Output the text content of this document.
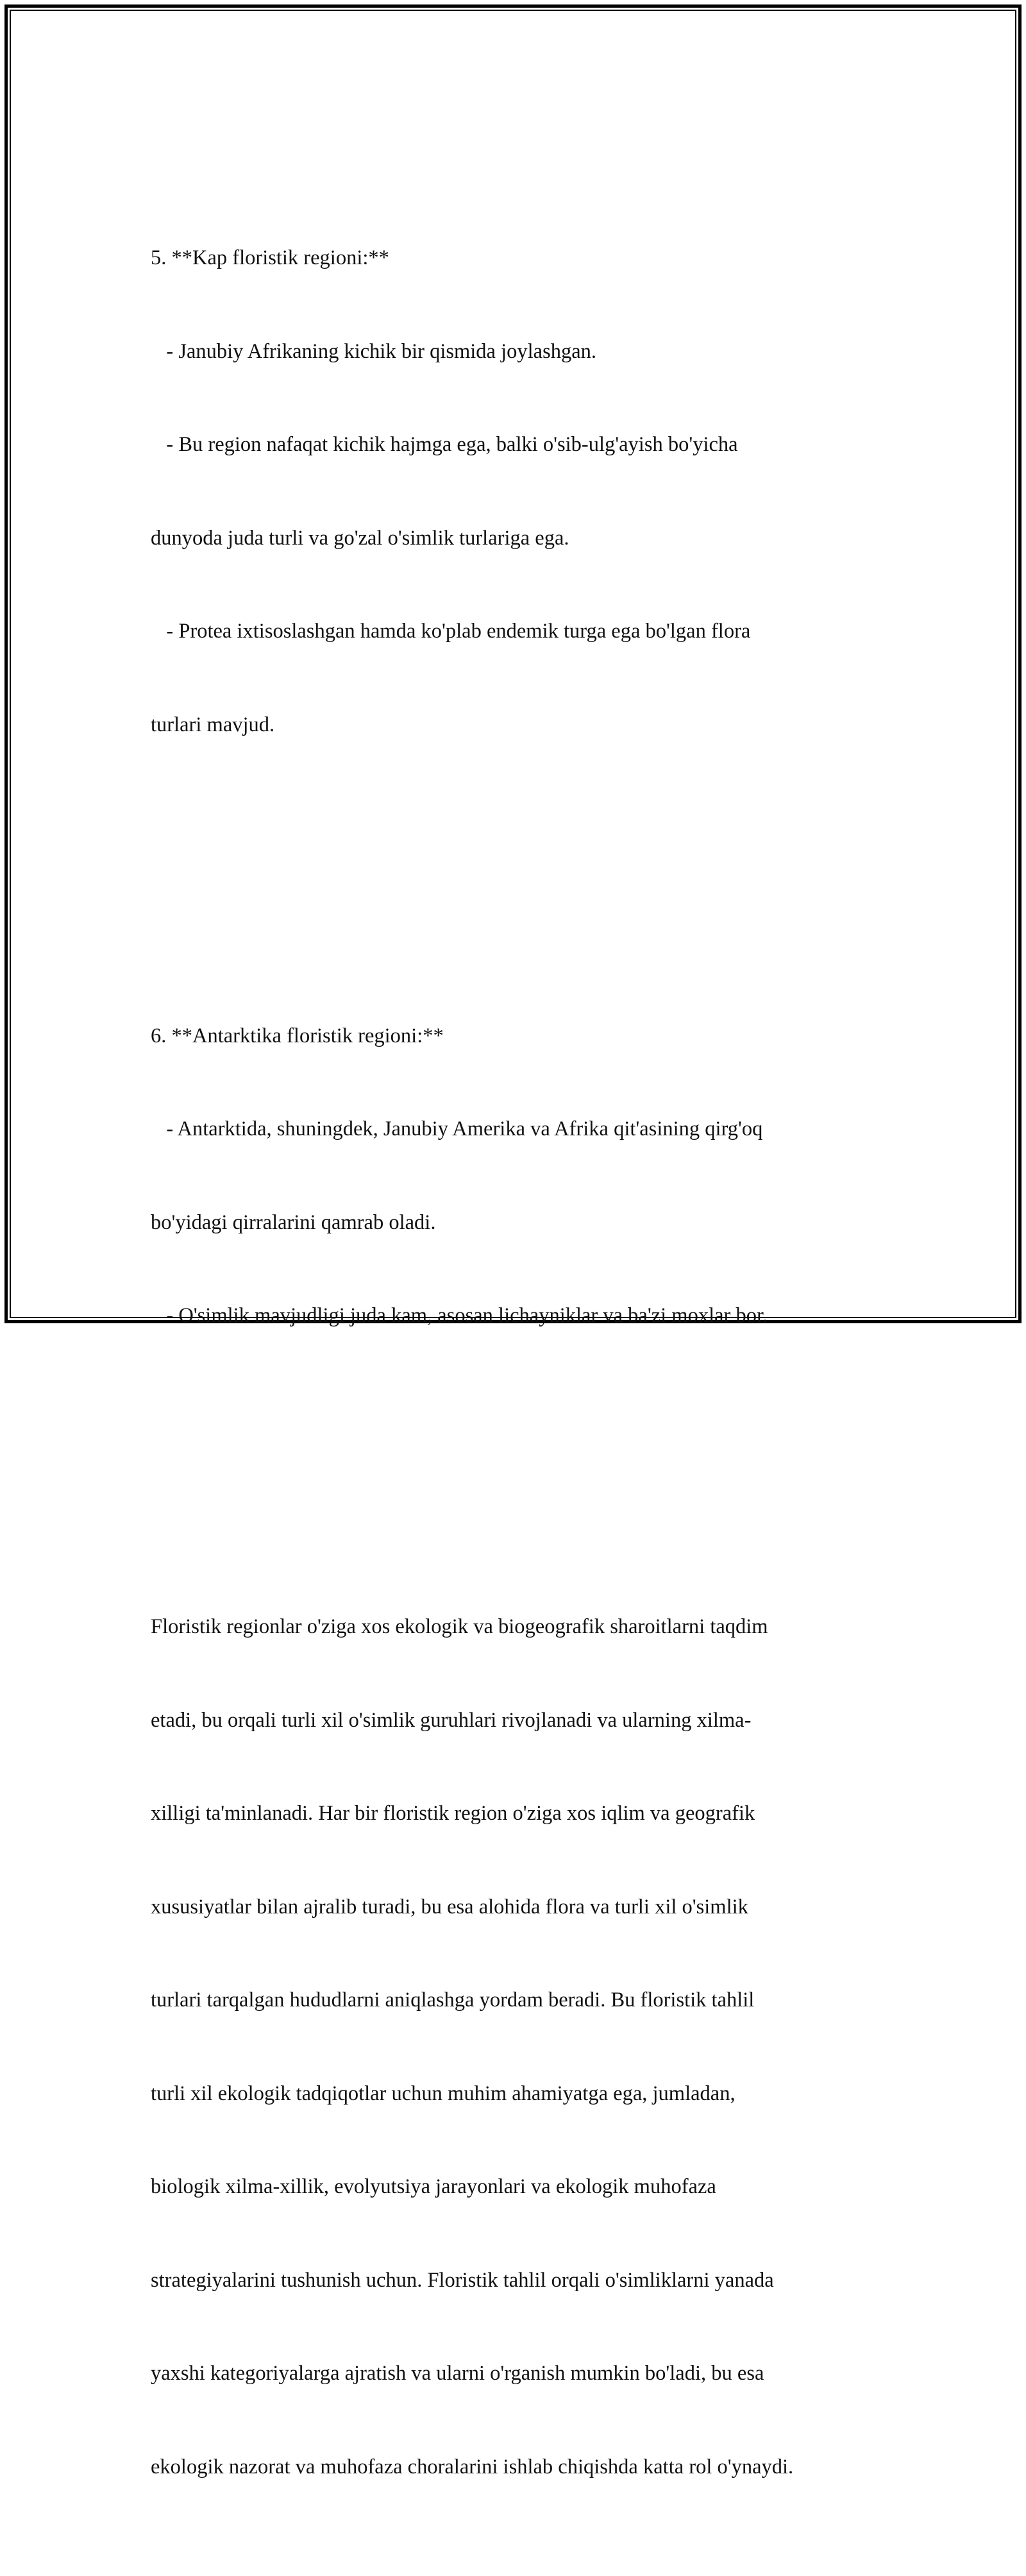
5. **Kap floristik regioni:**

- Janubiy Afrikaning kichik bir qismida joylashgan.

- Bu region nafaqat kichik hajmga ega, balki o'sib-ulg'ayish bo'yicha

dunyoda juda turli va go'zal o'simlik turlariga ega.

- Protea ixtisoslashgan hamda ko'plab endemik turga ega bo'lgan flora

turlari mavjud.

6. **Antarktika floristik regioni:**

- Antarktida, shuningdek, Janubiy Amerika va Afrika qit'asining qirg'oq

bo'yidagi qirralarini qamrab oladi.

- O'simlik mavjudligi juda kam, asosan lichayniklar va ba'zi moxlar bor.

Floristik regionlar o'ziga xos ekologik va biogeografik sharoitlarni taqdim

etadi, bu orqali turli xil o'simlik guruhlari rivojlanadi va ularning xilma-

xilligi ta'minlanadi. Har bir floristik region o'ziga xos iqlim va geografik

xususiyatlar bilan ajralib turadi, bu esa alohida flora va turli xil o'simlik

turlari tarqalgan hududlarni aniqlashga yordam beradi. Bu floristik tahlil

turli xil ekologik tadqiqotlar uchun muhim ahamiyatga ega, jumladan,

biologik xilma-xillik, evolyutsiya jarayonlari va ekologik muhofaza

strategiyalarini tushunish uchun. Floristik tahlil orqali o'simliklarni yanada

yaxshi kategoriyalarga ajratish va ularni o'rganish mumkin bo'ladi, bu esa

ekologik nazorat va muhofaza choralarini ishlab chiqishda katta rol o'ynaydi.
